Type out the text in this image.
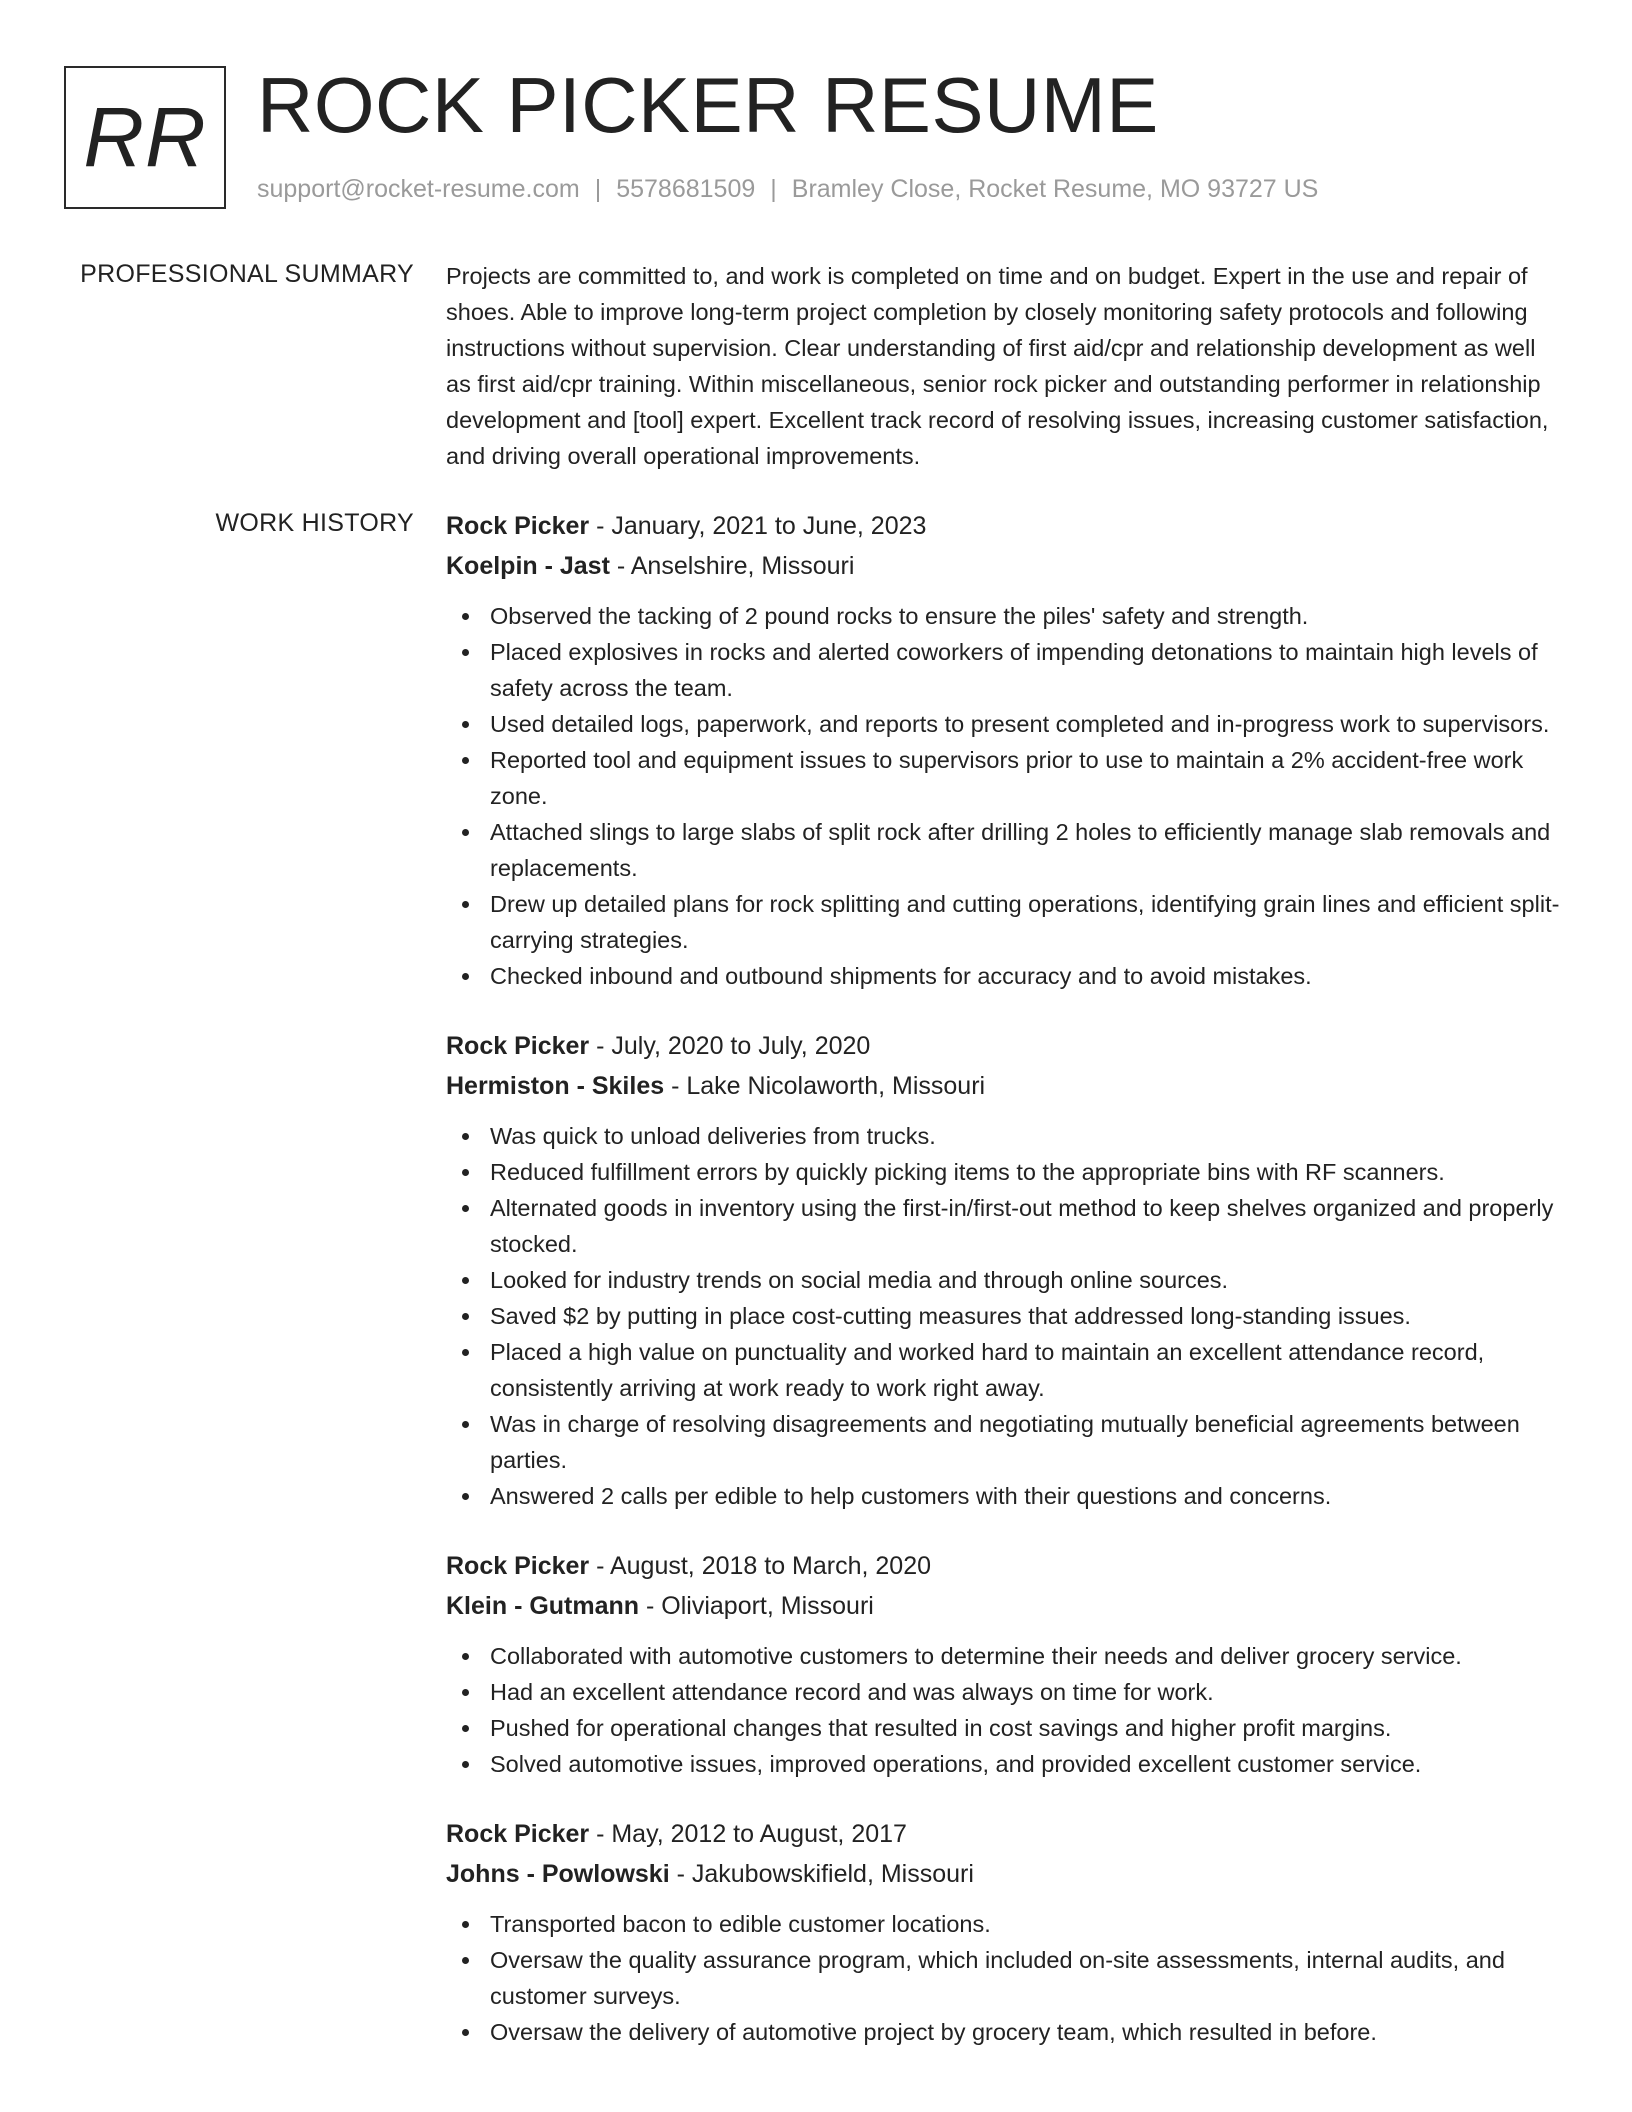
RR ROCK PICKER RESUME
support@rocket-resume.com | 5578681509 | Bramley Close, Rocket Resume, MO 93727 US
PROFESSIONAL SUMMARY Projects are committed to, and work is completed on time and on budget. Expert in the use and repair of shoes. Able to improve long-term project completion by closely monitoring safety protocols and following instructions without supervision. Clear understanding of first aid/cpr and relationship development as well as first aid/cpr training. Within miscellaneous, senior rock picker and outstanding performer in relationship development and [tool] expert. Excellent track record of resolving issues, increasing customer satisfaction, and driving overall operational improvements.

WORK HISTORY Rock Picker - January, 2021 to June, 2023
Koelpin - Jast - Anselshire, Missouri
Observed the tacking of 2 pound rocks to ensure the piles' safety and strength.
Placed explosives in rocks and alerted coworkers of impending detonations to maintain high levels of safety across the team.
Used detailed logs, paperwork, and reports to present completed and in-progress work to supervisors.
Reported tool and equipment issues to supervisors prior to use to maintain a 2% accident-free work zone.
Attached slings to large slabs of split rock after drilling 2 holes to efficiently manage slab removals and replacements.
Drew up detailed plans for rock splitting and cutting operations, identifying grain lines and efficient split-carrying strategies.
Checked inbound and outbound shipments for accuracy and to avoid mistakes.
Rock Picker - July, 2020 to July, 2020
Hermiston - Skiles - Lake Nicolaworth, Missouri
Was quick to unload deliveries from trucks.
Reduced fulfillment errors by quickly picking items to the appropriate bins with RF scanners.
Alternated goods in inventory using the first-in/first-out method to keep shelves organized and properly stocked.
Looked for industry trends on social media and through online sources.
Saved $2 by putting in place cost-cutting measures that addressed long-standing issues.
Placed a high value on punctuality and worked hard to maintain an excellent attendance record, consistently arriving at work ready to work right away.
Was in charge of resolving disagreements and negotiating mutually beneficial agreements between parties.
Answered 2 calls per edible to help customers with their questions and concerns.
Rock Picker - August, 2018 to March, 2020
Klein - Gutmann - Oliviaport, Missouri
Collaborated with automotive customers to determine their needs and deliver grocery service.
Had an excellent attendance record and was always on time for work.
Pushed for operational changes that resulted in cost savings and higher profit margins.
Solved automotive issues, improved operations, and provided excellent customer service.
Rock Picker - May, 2012 to August, 2017
Johns - Powlowski - Jakubowskifield, Missouri
Transported bacon to edible customer locations.
Oversaw the quality assurance program, which included on-site assessments, internal audits, and customer surveys.
Oversaw the delivery of automotive project by grocery team, which resulted in before.
